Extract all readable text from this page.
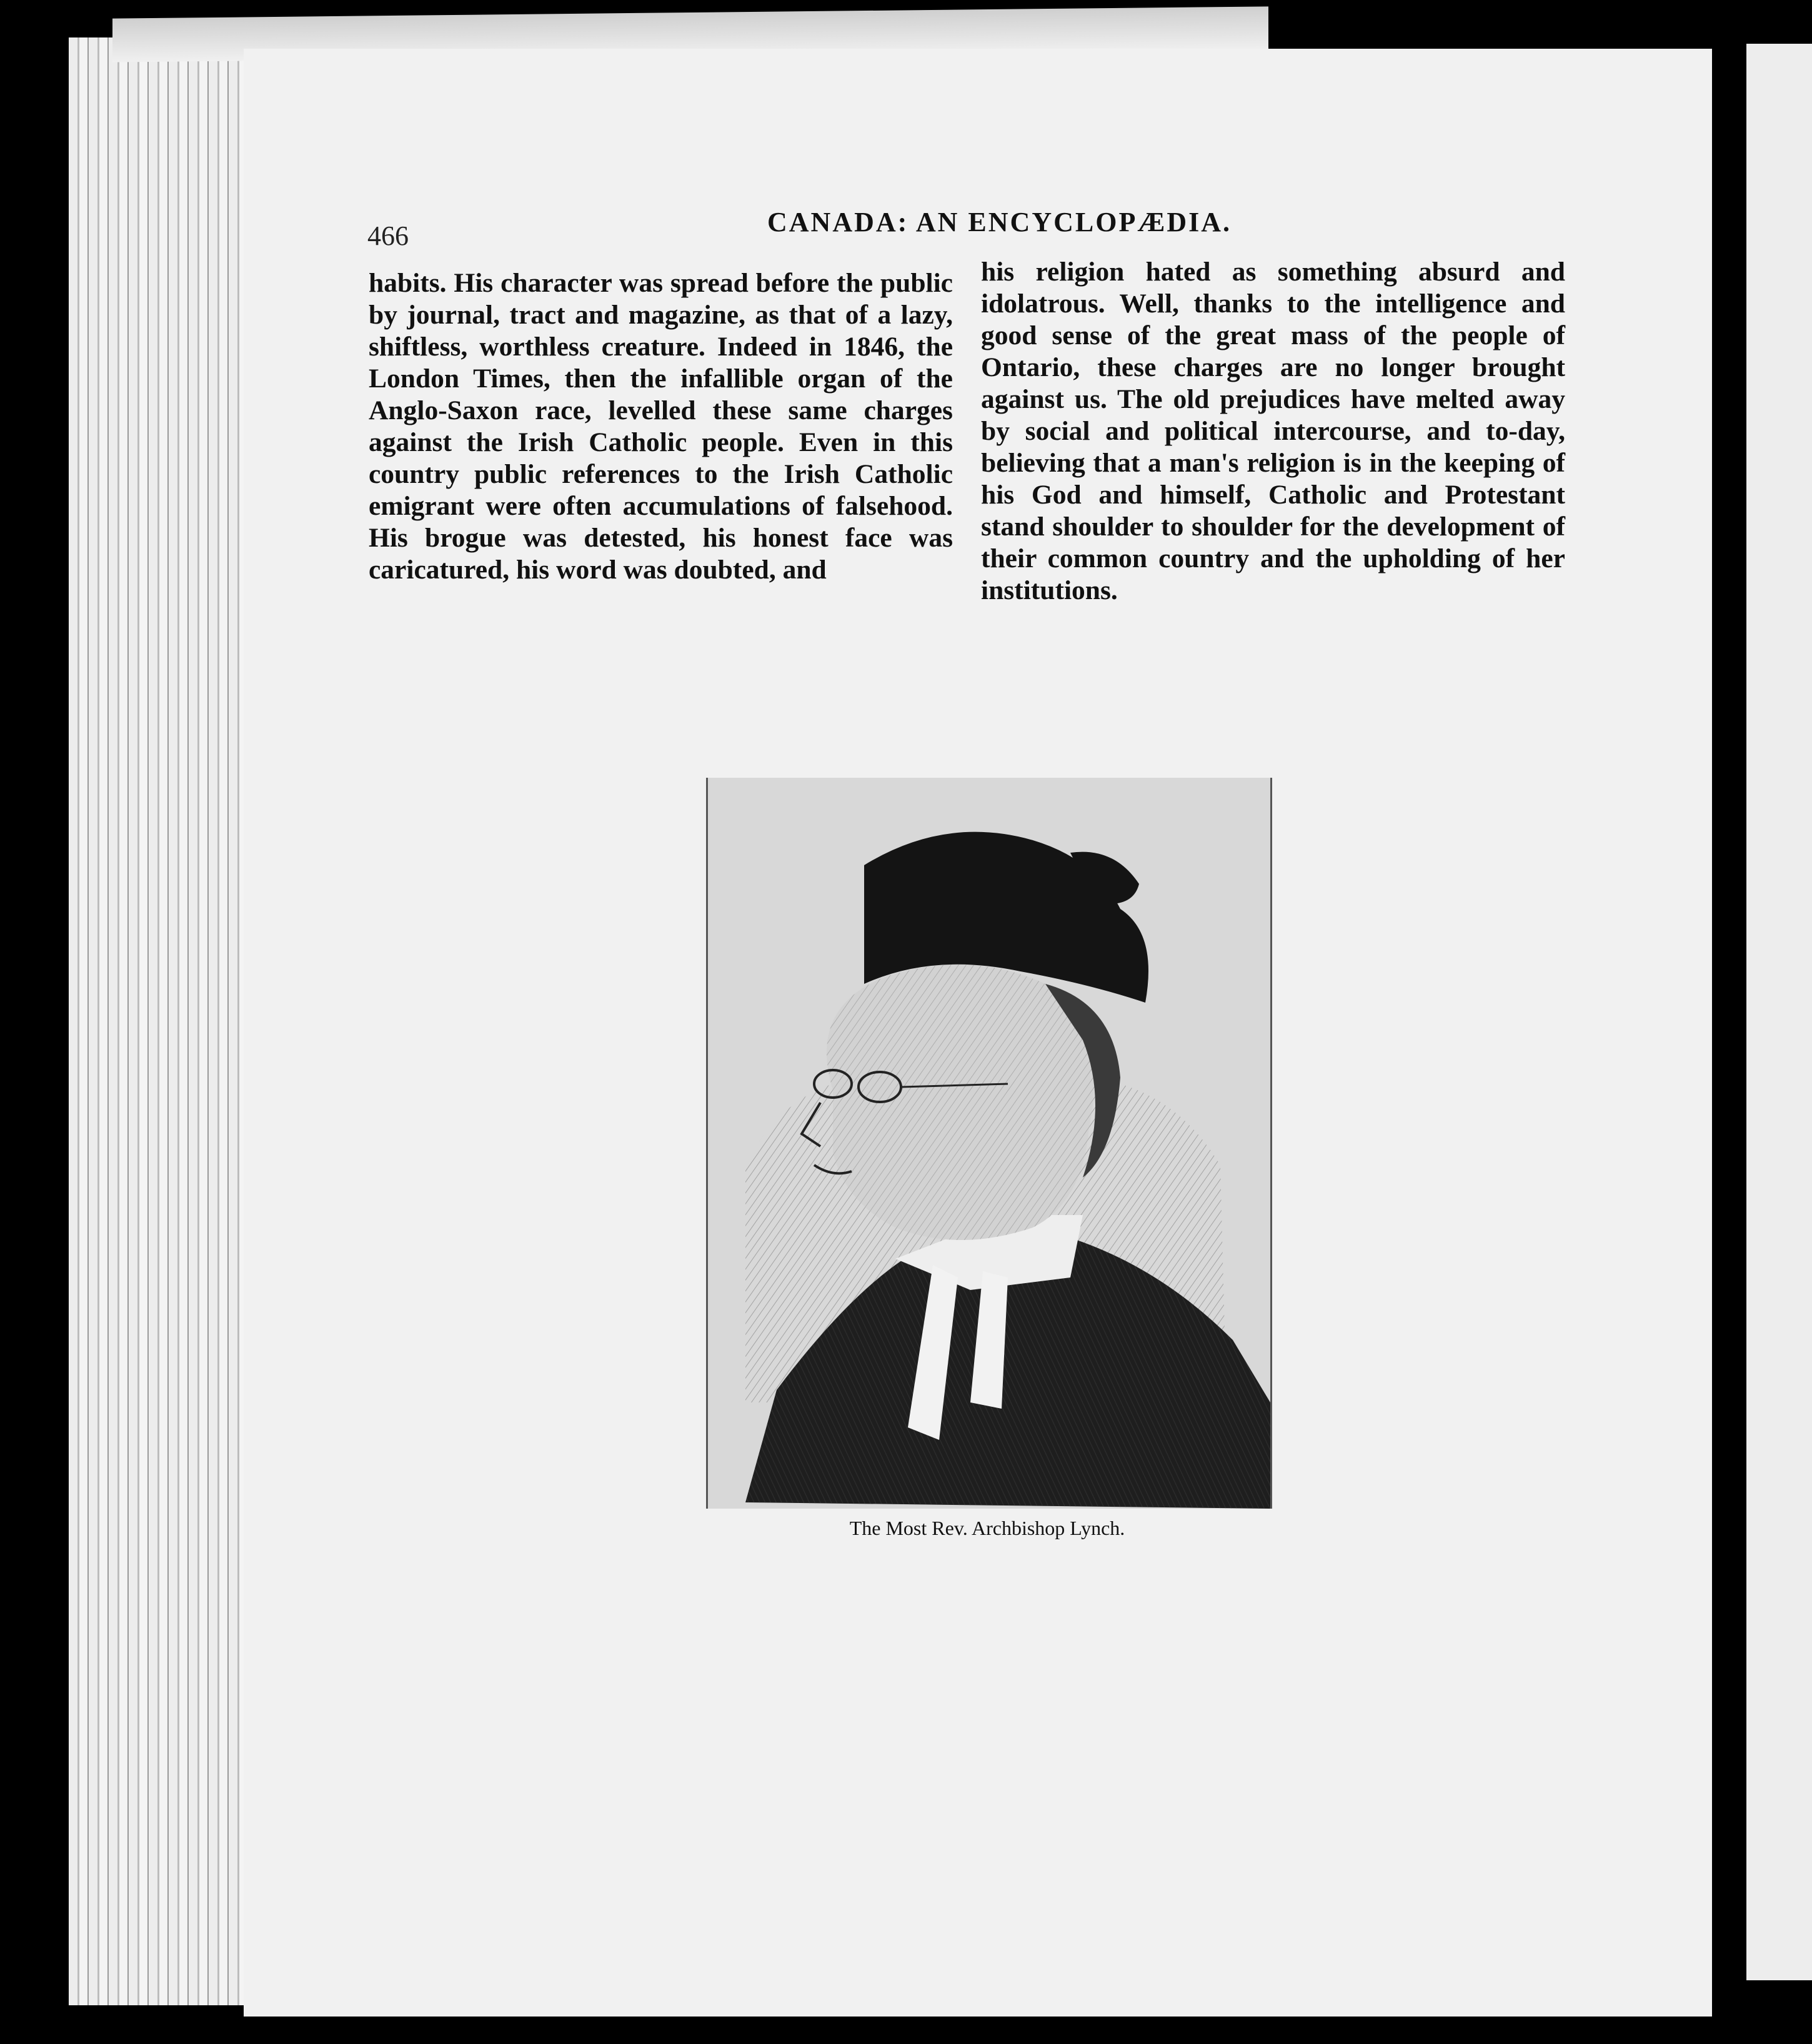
466	CANADA: AN ENCYCLOPÆDIA.
habits. His character was spread before the public by journal, tract and magazine, as that of a lazy, shiftless, worthless creature. Indeed in 1846, the London Times, then the infallible organ of the Anglo-Saxon race, levelled these same charges against the Irish Catholic people. Even in this country public references to the Irish Catholic emigrant were often accumulations of falsehood. His brogue was detested, his honest face was caricatured, his word was doubted, and
his religion hated as something absurd and idolatrous. Well, thanks to the intelligence and good sense of the great mass of the people of Ontario, these charges are no longer brought against us. The old prejudices have melted away by social and political intercourse, and to-day, believing that a man's religion is in the keeping of his God and himself, Catholic and Protestant stand shoulder to shoulder for the development of their common country and the upholding of her institutions.
The Most Rev. Archbishop Lynch.
